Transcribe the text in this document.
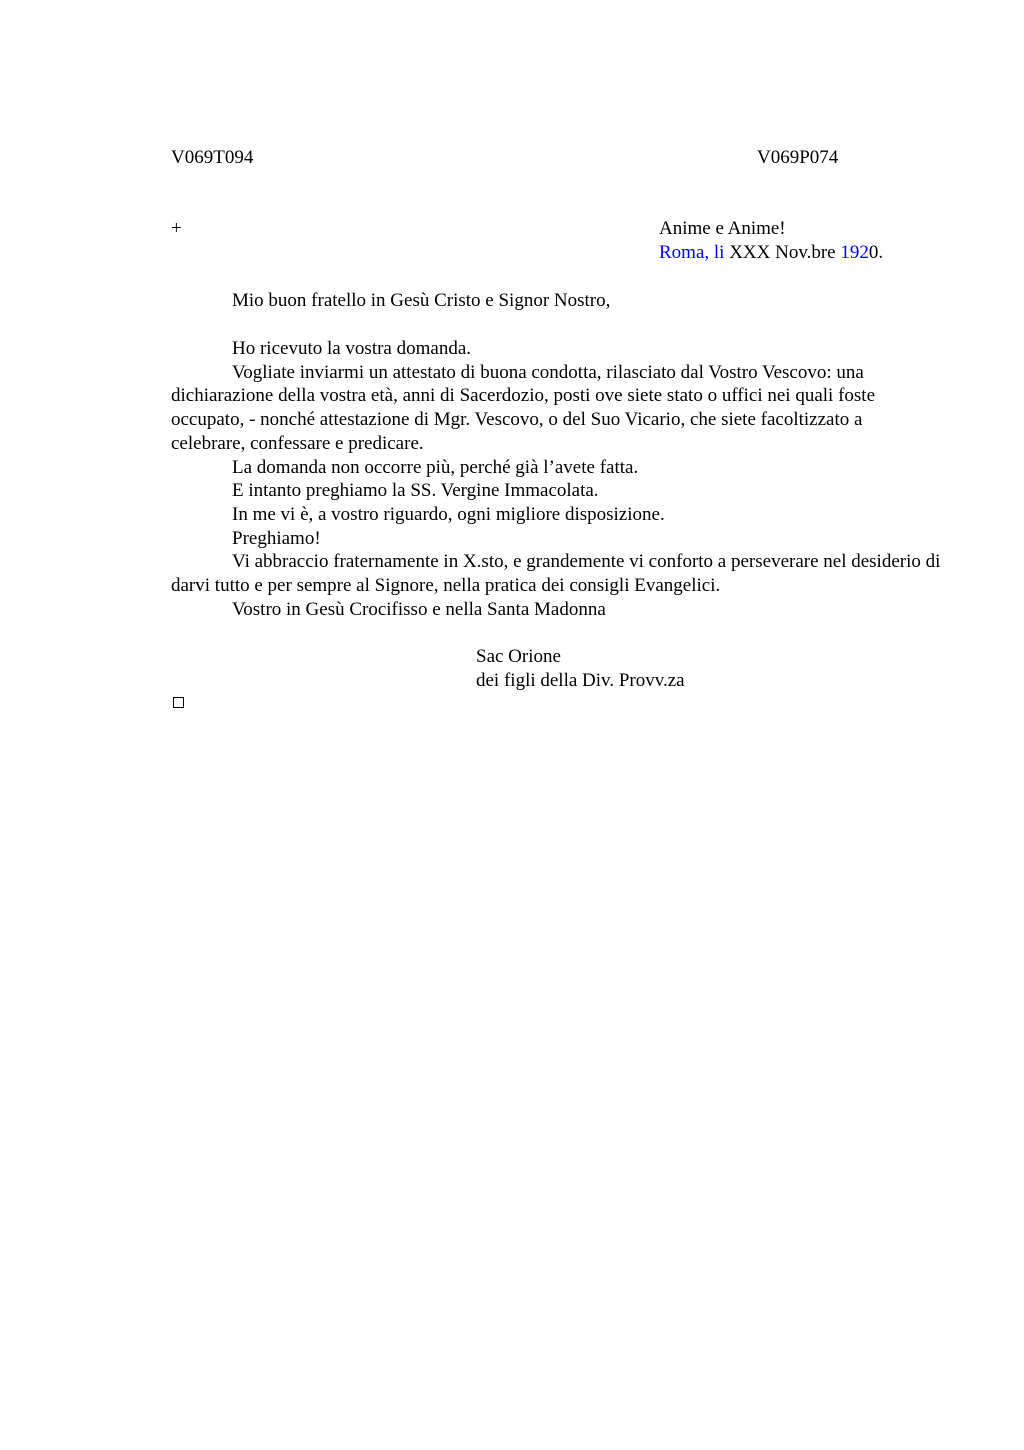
V069T094	V069P074
+	Anime e Anime!
Roma, li XXX Nov.bre 1920.
Mio buon fratello in Gesù Cristo e Signor Nostro,

Ho ricevuto la vostra domanda.

Vogliate inviarmi un attestato di buona condotta, rilasciato dal Vostro Vescovo: una dichiarazione della vostra età, anni di Sacerdozio, posti ove siete stato o uffici nei quali foste occupato, - nonché attestazione di Mgr. Vescovo, o del Suo Vicario, che siete facoltizzato a celebrare, confessare e predicare.

La domanda non occorre più, perché già l’avete fatta.

E intanto preghiamo la SS. Vergine Immacolata.

In me vi è, a vostro riguardo, ogni migliore disposizione.

Preghiamo!

Vi abbraccio fraternamente in X.sto, e grandemente vi conforto a perseverare nel desiderio di darvi tutto e per sempre al Signore, nella pratica dei consigli Evangelici.

Vostro in Gesù Crocifisso e nella Santa Madonna

Sac Orione
dei figli della Div. Provv.za
